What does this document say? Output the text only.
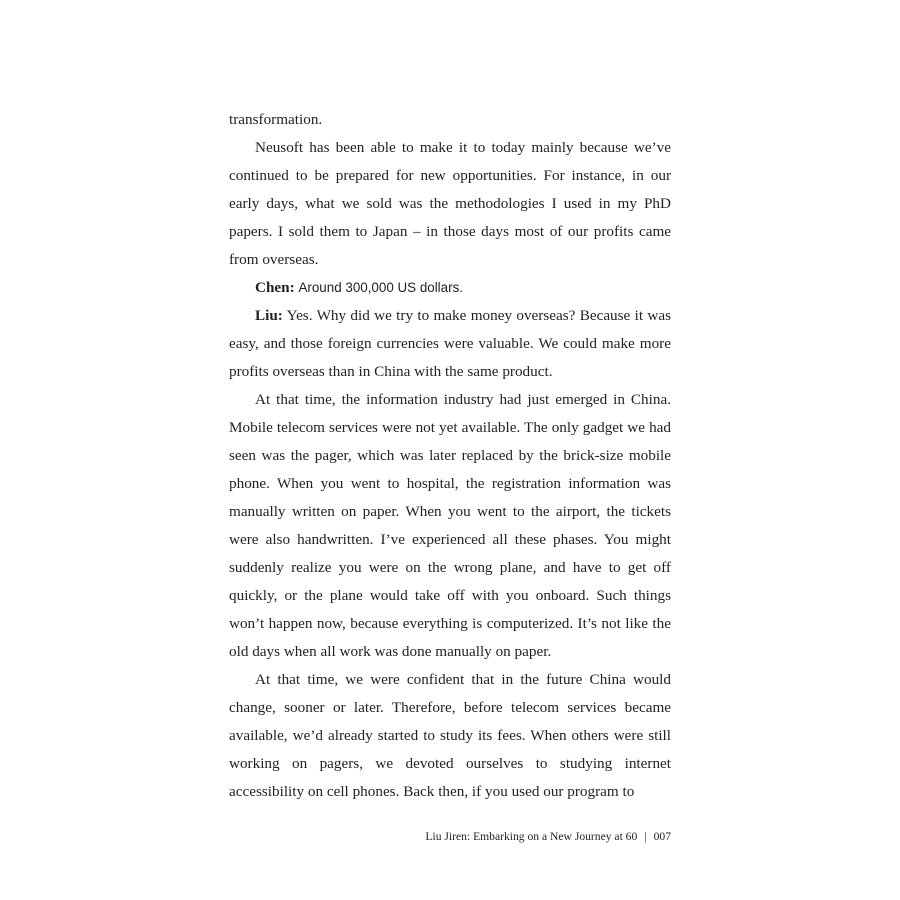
transformation.

Neusoft has been able to make it to today mainly because we’ve continued to be prepared for new opportunities. For instance, in our early days, what we sold was the methodologies I used in my PhD papers. I sold them to Japan – in those days most of our profits came from overseas.

Chen: Around 300,000 US dollars.

Liu: Yes. Why did we try to make money overseas? Because it was easy, and those foreign currencies were valuable. We could make more profits overseas than in China with the same product.

At that time, the information industry had just emerged in China. Mobile telecom services were not yet available. The only gadget we had seen was the pager, which was later replaced by the brick-size mobile phone. When you went to hospital, the registration information was manually written on paper. When you went to the airport, the tickets were also handwritten. I’ve experienced all these phases. You might suddenly realize you were on the wrong plane, and have to get off quickly, or the plane would take off with you onboard. Such things won’t happen now, because everything is computerized. It’s not like the old days when all work was done manually on paper.

At that time, we were confident that in the future China would change, sooner or later. Therefore, before telecom services became available, we’d already started to study its fees. When others were still working on pagers, we devoted ourselves to studying internet accessibility on cell phones. Back then, if you used our program to

Liu Jiren: Embarking on a New Journey at 60 | 007
